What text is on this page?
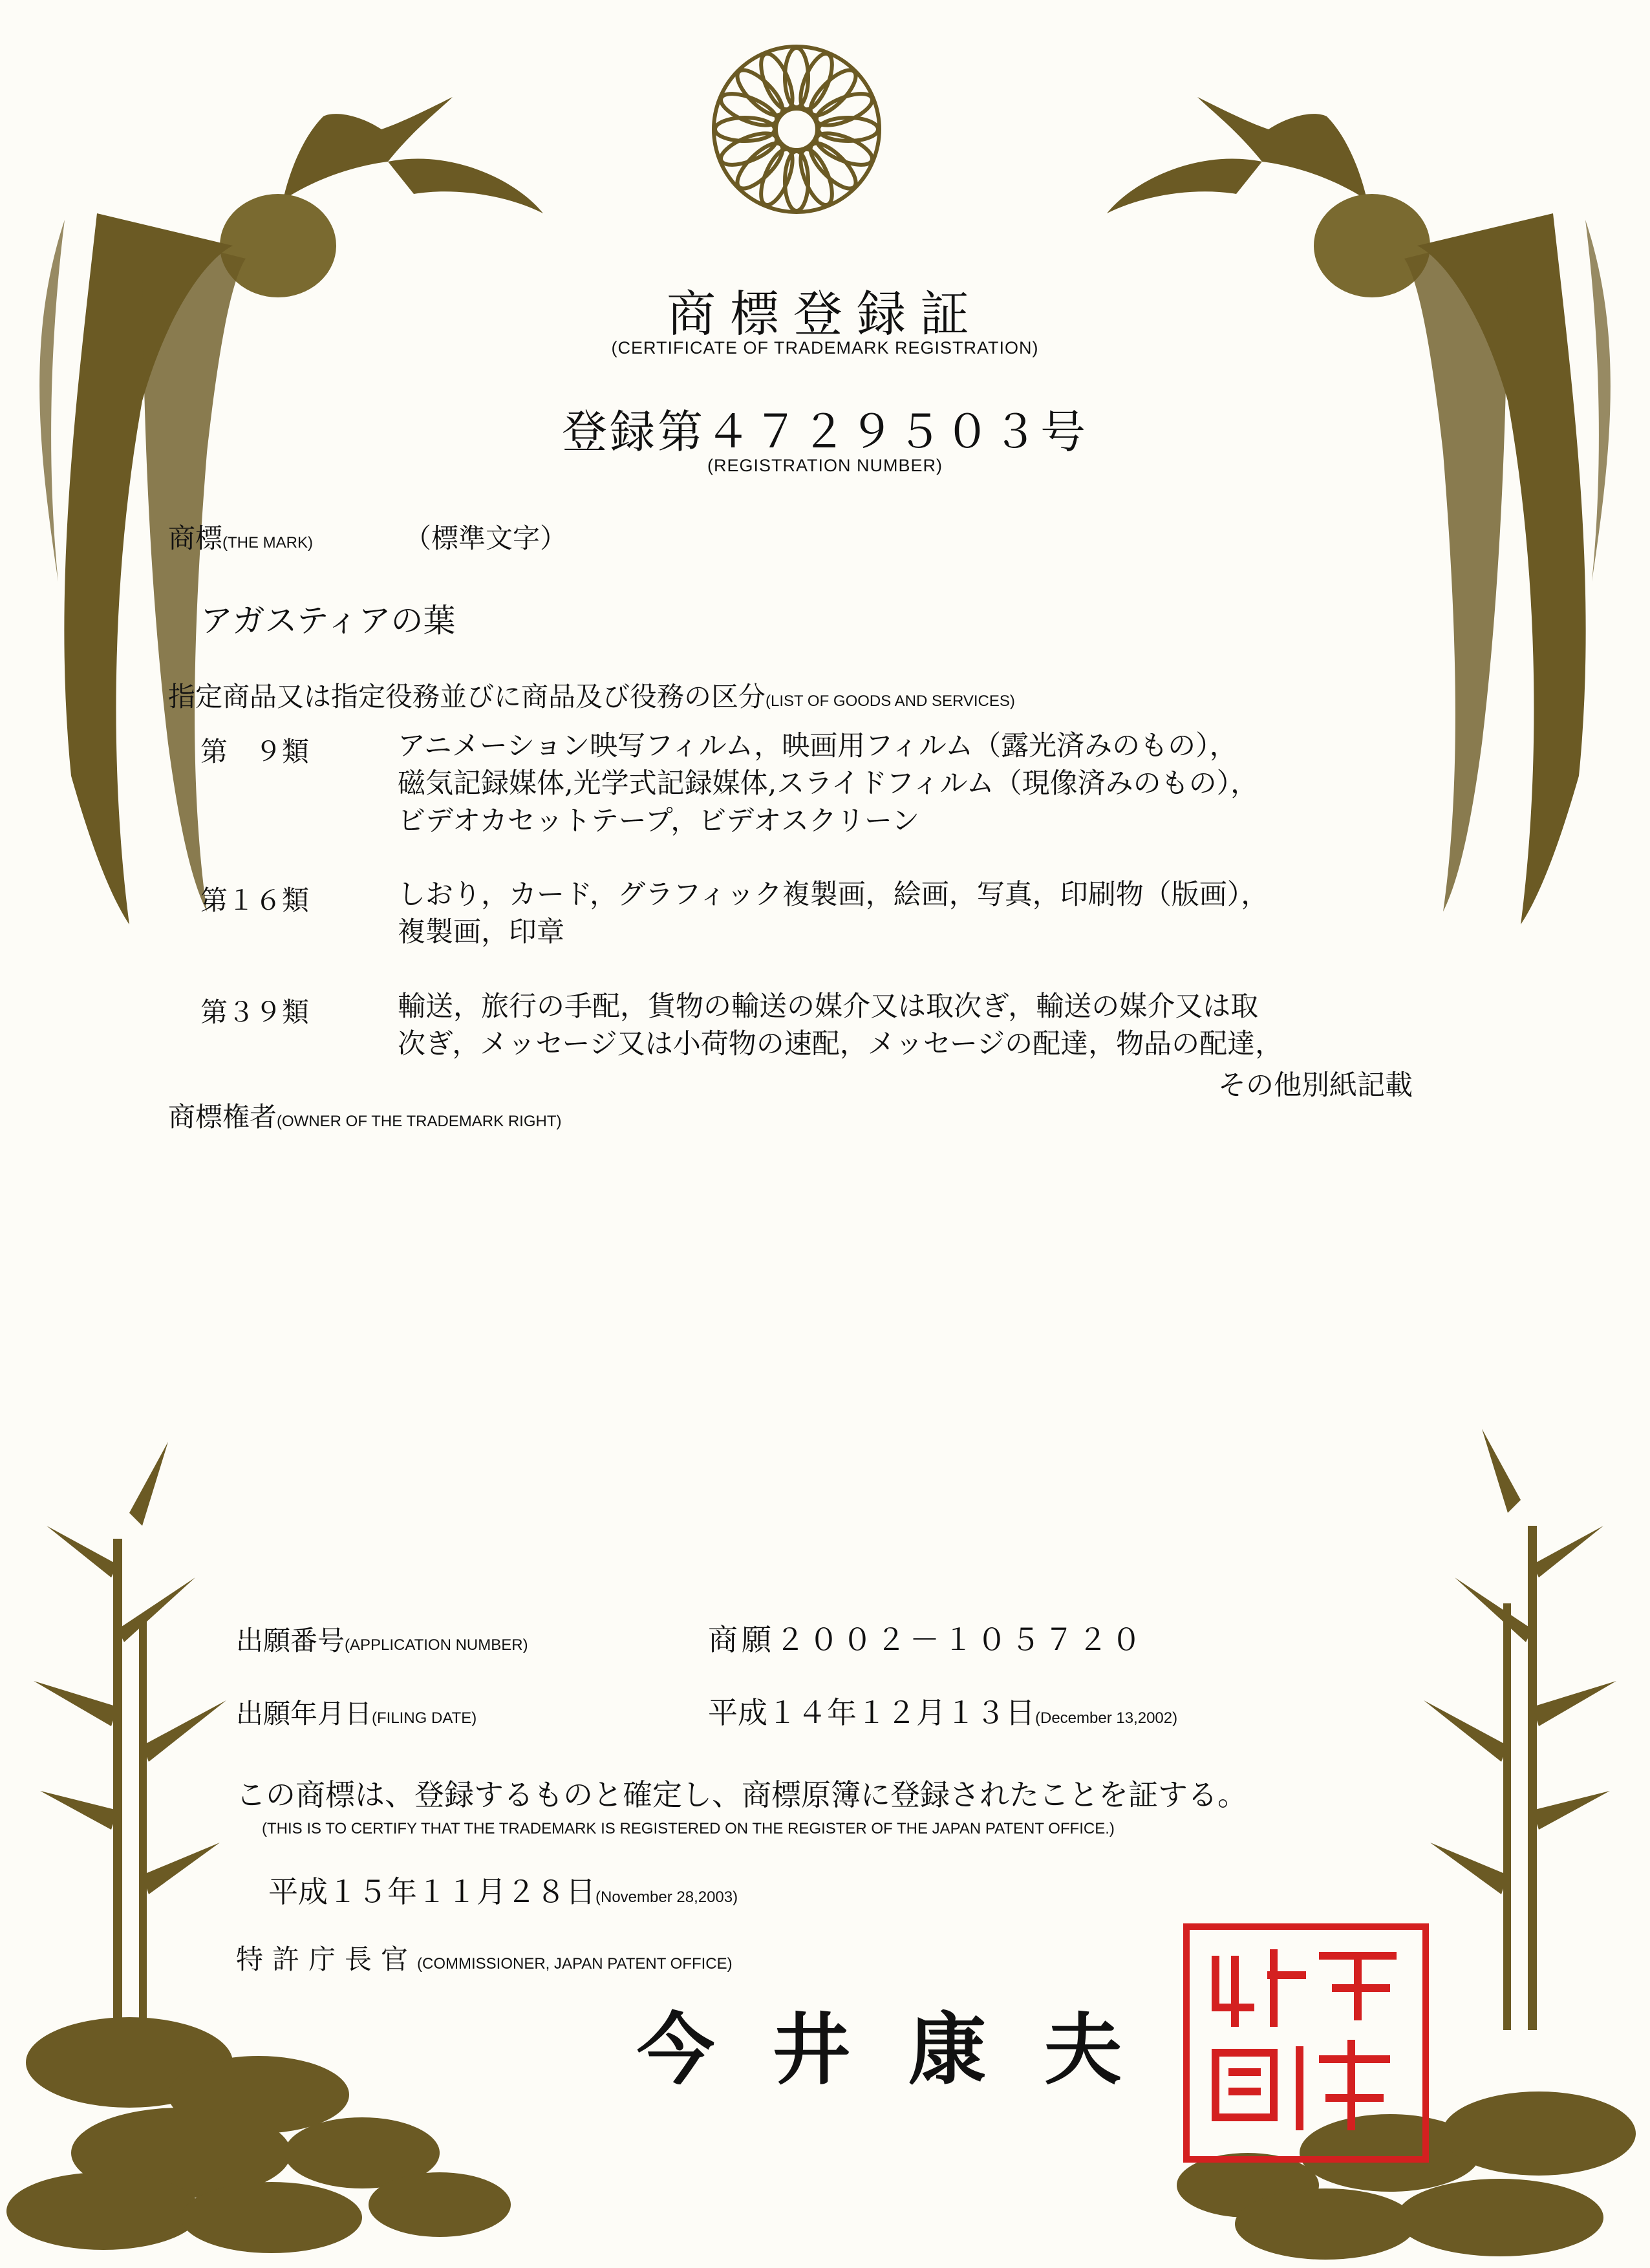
商標登録証
(CERTIFICATE OF TRADEMARK REGISTRATION)
登録第４７２９５０３号
(REGISTRATION NUMBER)
商標(THE MARK)	（標準文字）
アガスティアの葉
指定商品又は指定役務並びに商品及び役務の区分(LIST OF GOODS AND SERVICES)
第　９類	アニメーション映写フィルム，映画用フィルム（露光済みのもの），
磁気記録媒体,光学式記録媒体,スライドフィルム（現像済みのもの），
ビデオカセットテープ，ビデオスクリーン
第１６類	しおり，カード，グラフィック複製画，絵画，写真，印刷物（版画），
複製画，印章
第３９類	輸送，旅行の手配，貨物の輸送の媒介又は取次ぎ，輸送の媒介又は取
次ぎ，メッセージ又は小荷物の速配，メッセージの配達，物品の配達，
その他別紙記載
商標権者(OWNER OF THE TRADEMARK RIGHT)
出願番号(APPLICATION NUMBER)	商願２００２－１０５７２０
出願年月日(FILING DATE)	平成１４年１２月１３日(December 13,2002)
この商標は、登録するものと確定し、商標原簿に登録されたことを証する。
(THIS IS TO CERTIFY THAT THE TRADEMARK IS REGISTERED ON THE REGISTER OF THE JAPAN PATENT OFFICE.)
平成１５年１１月２８日(November 28,2003)
特許庁長官(COMMISSIONER, JAPAN PATENT OFFICE)
今井康夫
